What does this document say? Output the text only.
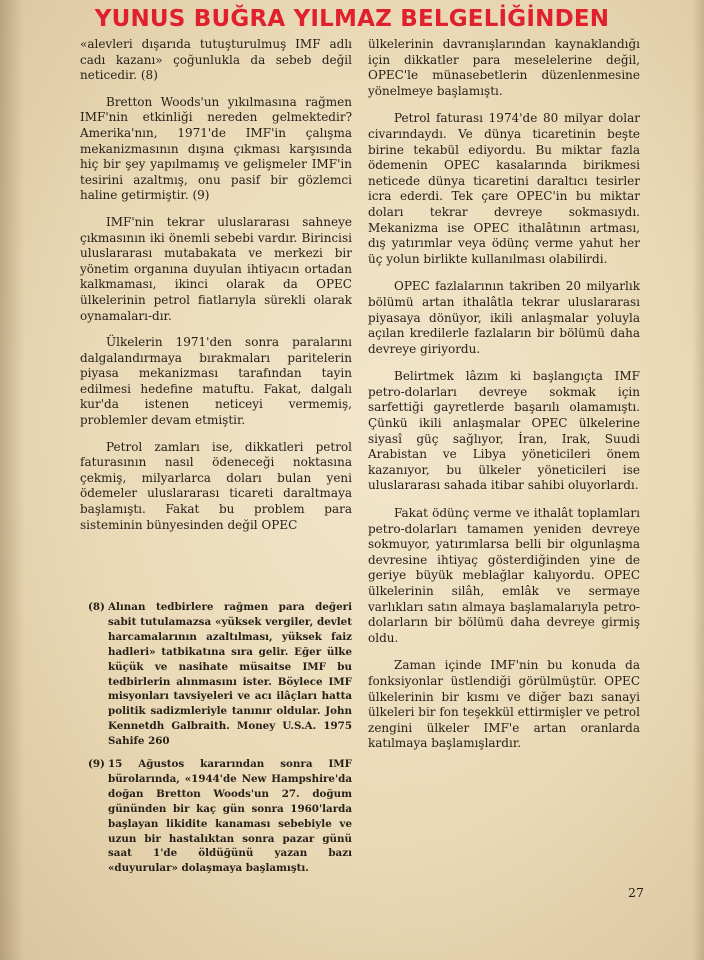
YUNUS BUĞRA YILMAZ BELGELİĞİNDEN

«alevleri dışarıda tutuşturulmuş IMF adlı cadı kazanı» çoğunlukla da sebeb değil neticedir. (8)

Bretton Woods'un yıkılmasına rağmen IMF'nin etkinliği nereden gelmektedir? Amerika'nın, 1971'de IMF'in çalışma mekanizmasının dışına çıkması karşısında hiç bir şey yapılmamış ve gelişmeler IMF'in tesirini azaltmış, onu pasif bir gözlemci haline getirmiştir. (9)

IMF'nin tekrar uluslararası sahneye çıkmasının iki önemli sebebi vardır. Birincisi uluslararası mutabakata ve merkezi bir yönetim organına duyulan ihtiyacın ortadan kalkmaması, ikinci olarak da OPEC ülkelerinin petrol fiatlarıyla sürekli olarak oynamaları-dır.

Ülkelerin 1971'den sonra paralarını dalgalandırmaya bırakmaları paritelerin piyasa mekanizması tarafından tayin edilmesi hedefine matuftu. Fakat, dalgalı kur'da istenen neticeyi vermemiş, problemler devam etmiştir.

Petrol zamları ise, dikkatleri petrol faturasının nasıl ödeneceği noktasına çekmiş, milyarlarca doları bulan yeni ödemeler uluslararası ticareti daraltmaya başlamıştı. Fakat bu problem para sisteminin bünyesinden değil OPEC

(8) Alınan tedbirlere rağmen para değeri sabit tutulamazsa «yüksek vergiler, devlet harcamalarının azaltılması, yüksek faiz hadleri» tatbikatına sıra gelir. Eğer ülke küçük ve nasihate müsaitse IMF bu tedbirlerin alınmasını ister. Böylece IMF misyonları tavsiyeleri ve acı ilâçları hatta politik sadizmleriyle tanınır oldular. John Kennetdh Galbraith. Money U.S.A. 1975 Sahife 260

(9) 15 Ağustos kararından sonra IMF bürolarında, «1944'de New Hampshire'da doğan Bretton Woods'un 27. doğum gününden bir kaç gün sonra 1960'larda başlayan likidite kanaması sebebiyle ve uzun bir hastalıktan sonra pazar günü saat 1'de öldüğünü yazan bazı «duyurular» dolaşmaya başlamıştı.

ülkelerinin davranışlarından kaynaklandığı için dikkatler para meselelerine değil, OPEC'le münasebetlerin düzenlenmesine yönelmeye başlamıştı.

Petrol faturası 1974'de 80 milyar dolar civarındaydı. Ve dünya ticaretinin beşte birine tekabül ediyordu. Bu miktar fazla ödemenin OPEC kasalarında birikmesi neticede dünya ticaretini daraltıcı tesirler icra ederdi. Tek çare OPEC'in bu miktar doları tekrar devreye sokmasıydı. Mekanizma ise OPEC ithalâtının artması, dış yatırımlar veya ödünç verme yahut her üç yolun birlikte kullanılması olabilirdi.

OPEC fazlalarının takriben 20 milyarlık bölümü artan ithalâtla tekrar uluslararası piyasaya dönüyor, ikili anlaşmalar yoluyla açılan kredilerle fazlaların bir bölümü daha devreye giriyordu.

Belirtmek lâzım ki başlangıçta IMF petro-dolarları devreye sokmak için sarfettiği gayretlerde başarılı olamamıştı. Çünkü ikili anlaşmalar OPEC ülkelerine siyasî güç sağlıyor, İran, Irak, Suudi Arabistan ve Libya yöneticileri önem kazanıyor, bu ülkeler yöneticileri ise uluslararası sahada itibar sahibi oluyorlardı.

Fakat ödünç verme ve ithalât toplamları petro-dolarları tamamen yeniden devreye sokmuyor, yatırımlarsa belli bir olgunlaşma devresine ihtiyaç gösterdiğinden yine de geriye büyük meblağlar kalıyordu. OPEC ülkelerinin silâh, emlâk ve sermaye varlıkları satın almaya başlamalarıyla petro-dolarların bir bölümü daha devreye girmiş oldu.

Zaman içinde IMF'nin bu konuda da fonksiyonlar üstlendiği görülmüştür. OPEC ülkelerinin bir kısmı ve diğer bazı sanayi ülkeleri bir fon teşekkül ettirmişler ve petrol zengini ülkeler IMF'e artan oranlarda katılmaya başlamışlardır.

27
